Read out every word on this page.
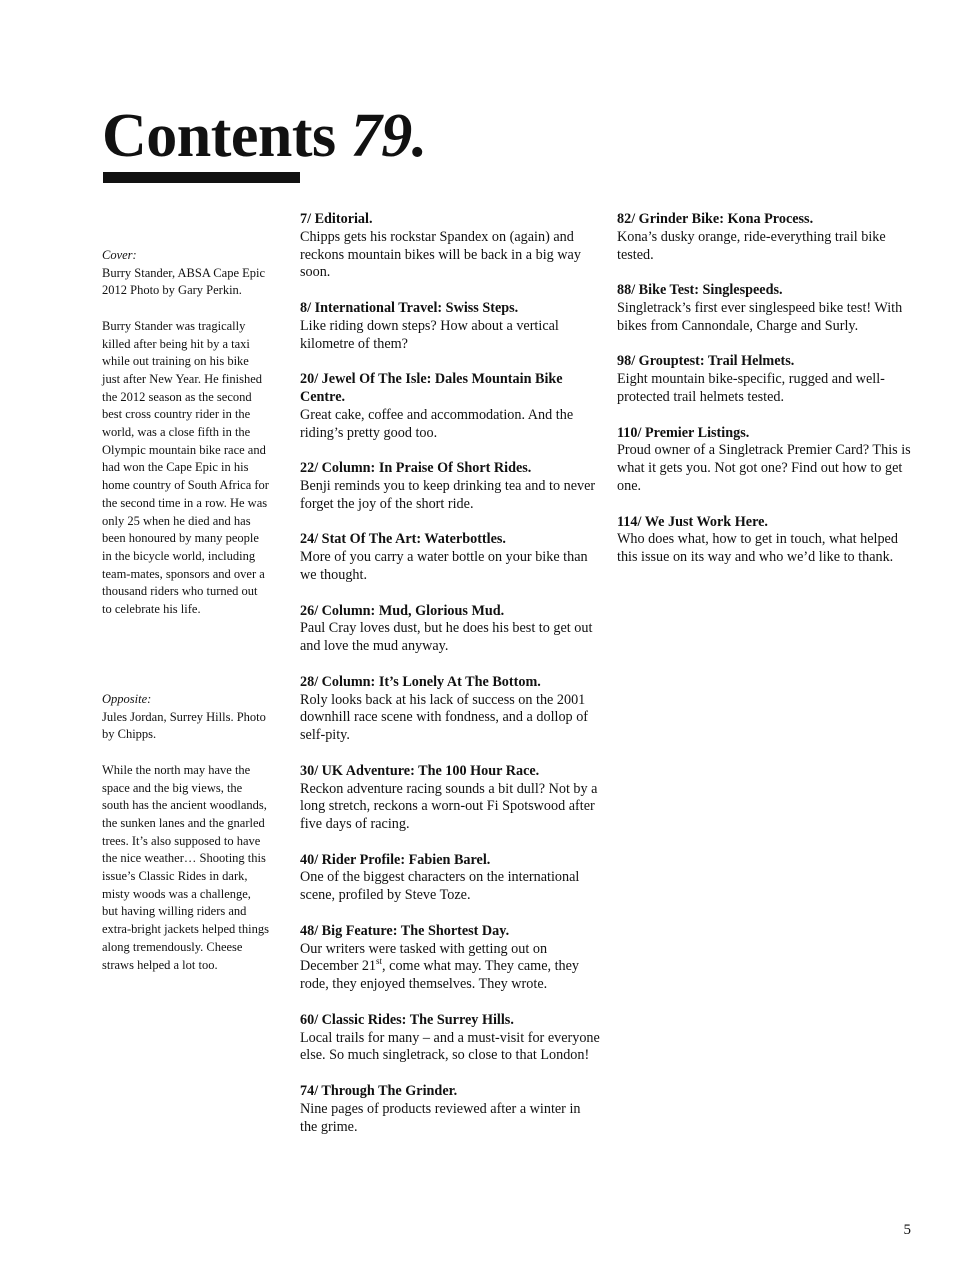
Contents 79.

Cover:

Burry Stander, ABSA Cape Epic 2012 Photo by Gary Perkin.

Burry Stander was tragically killed after being hit by a taxi while out training on his bike just after New Year. He finished the 2012 season as the second best cross country rider in the world, was a close fifth in the Olympic mountain bike race and had won the Cape Epic in his home country of South Africa for the second time in a row. He was only 25 when he died and has been honoured by many people in the bicycle world, including team-mates, sponsors and over a thousand riders who turned out to celebrate his life.

Opposite:

Jules Jordan, Surrey Hills. Photo by Chipps.

While the north may have the space and the big views, the south has the ancient woodlands, the sunken lanes and the gnarled trees. It’s also supposed to have the nice weather… Shooting this issue’s Classic Rides in dark, misty woods was a challenge, but having willing riders and extra-bright jackets helped things along tremendously. Cheese straws helped a lot too.

7/ Editorial.
Chipps gets his rockstar Spandex on (again) and reckons mountain bikes will be back in a big way soon.
8/ International Travel: Swiss Steps.
Like riding down steps? How about a vertical kilometre of them?
20/ Jewel Of The Isle: Dales Mountain Bike Centre.
Great cake, coffee and accommodation. And the riding’s pretty good too.
22/ Column: In Praise Of Short Rides.
Benji reminds you to keep drinking tea and to never forget the joy of the short ride.
24/ Stat Of The Art: Waterbottles.
More of you carry a water bottle on your bike than we thought.
26/ Column: Mud, Glorious Mud.
Paul Cray loves dust, but he does his best to get out and love the mud anyway.
28/ Column: It’s Lonely At The Bottom.
Roly looks back at his lack of success on the 2001 downhill race scene with fondness, and a dollop of self-pity.
30/ UK Adventure: The 100 Hour Race.
Reckon adventure racing sounds a bit dull? Not by a long stretch, reckons a worn-out Fi Spotswood after five days of racing.
40/ Rider Profile: Fabien Barel.
One of the biggest characters on the international scene, profiled by Steve Toze.
48/ Big Feature: The Shortest Day.
Our writers were tasked with getting out on December 21st, come what may. They came, they rode, they enjoyed themselves. They wrote.
60/ Classic Rides: The Surrey Hills.
Local trails for many – and a must-visit for everyone else. So much singletrack, so close to that London!
74/ Through The Grinder.
Nine pages of products reviewed after a winter in the grime.
82/ Grinder Bike: Kona Process.
Kona’s dusky orange, ride-everything trail bike tested.
88/ Bike Test: Singlespeeds.
Singletrack’s first ever singlespeed bike test! With bikes from Cannondale, Charge and Surly.
98/ Grouptest: Trail Helmets.
Eight mountain bike-specific, rugged and well-protected trail helmets tested.
110/ Premier Listings.
Proud owner of a Singletrack Premier Card? This is what it gets you. Not got one? Find out how to get one.
114/ We Just Work Here.
Who does what, how to get in touch, what helped this issue on its way and who we’d like to thank.
5
